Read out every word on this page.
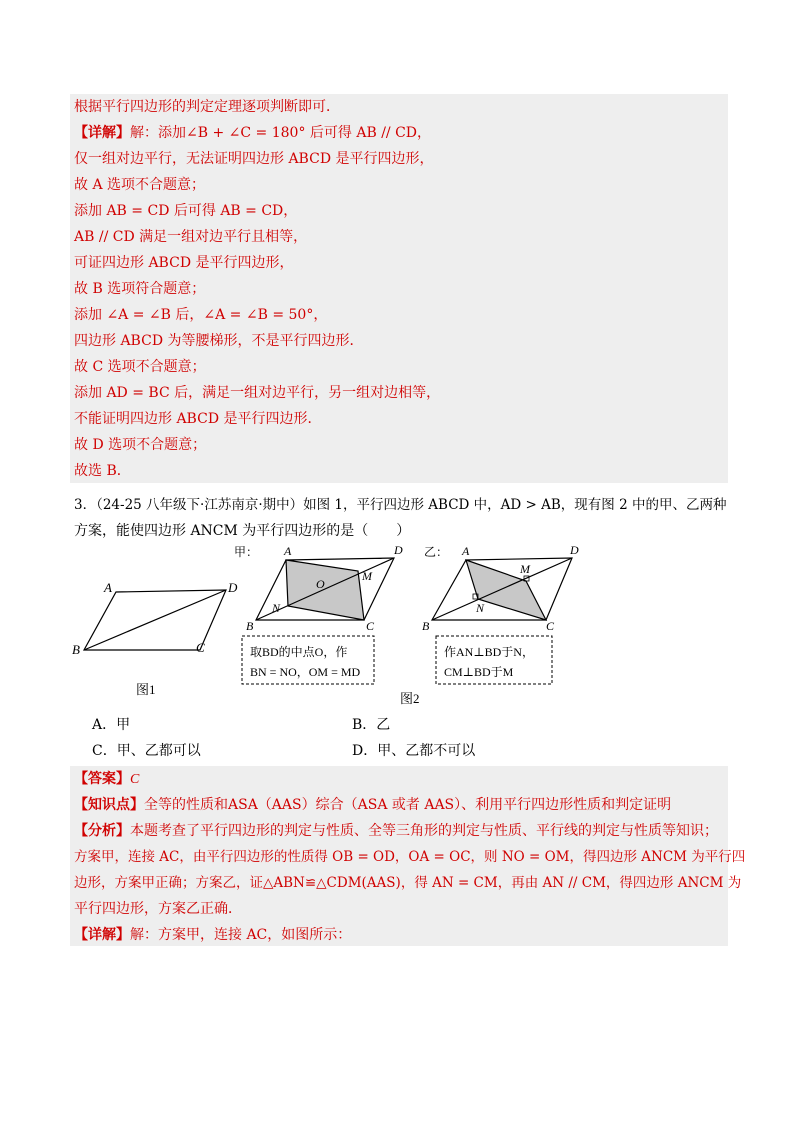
根据平行四边形的判定定理逐项判断即可．
【详解】解：添加∠B + ∠C = 180° 后可得 AB // CD，
仅一组对边平行，无法证明四边形 ABCD 是平行四边形，
故 A 选项不合题意；
添加 AB = CD 后可得 AB = CD，
AB // CD 满足一组对边平行且相等，
可证四边形 ABCD 是平行四边形，
故 B 选项符合题意；
添加 ∠A = ∠B 后，∠A = ∠B = 50°，
四边形 ABCD 为等腰梯形，不是平行四边形．
故 C 选项不合题意；
添加 AD = BC 后，满足一组对边平行，另一组对边相等，
不能证明四边形 ABCD 是平行四边形．
故 D 选项不合题意；
故选 B．
3．（24-25 八年级下·江苏南京·期中）如图 1，平行四边形 ABCD 中，AD > AB，现有图 2 中的甲、乙两种
方案，能使四边形 ANCM 为平行四边形的是（　　）
A	D
B	C
图1
甲： A	D
M
O
N
B	C
取BD的中点O，作
BN = NO，OM = MD
图2
乙： A	D
M
N
B	C
作AN⊥BD于N，
CM⊥BD于M
A．甲	B．乙
C．甲、乙都可以	D．甲、乙都不可以
【答案】C
【知识点】全等的性质和ASA（AAS）综合（ASA 或者 AAS）、利用平行四边形性质和判定证明
【分析】本题考查了平行四边形的判定与性质、全等三角形的判定与性质、平行线的判定与性质等知识；
方案甲，连接 AC，由平行四边形的性质得 OB = OD，OA = OC，则 NO = OM，得四边形 ANCM 为平行四
边形，方案甲正确；方案乙，证△ABN≌△CDM(AAS)，得 AN = CM，再由 AN // CM，得四边形 ANCM 为
平行四边形，方案乙正确．
【详解】解：方案甲，连接 AC，如图所示：
